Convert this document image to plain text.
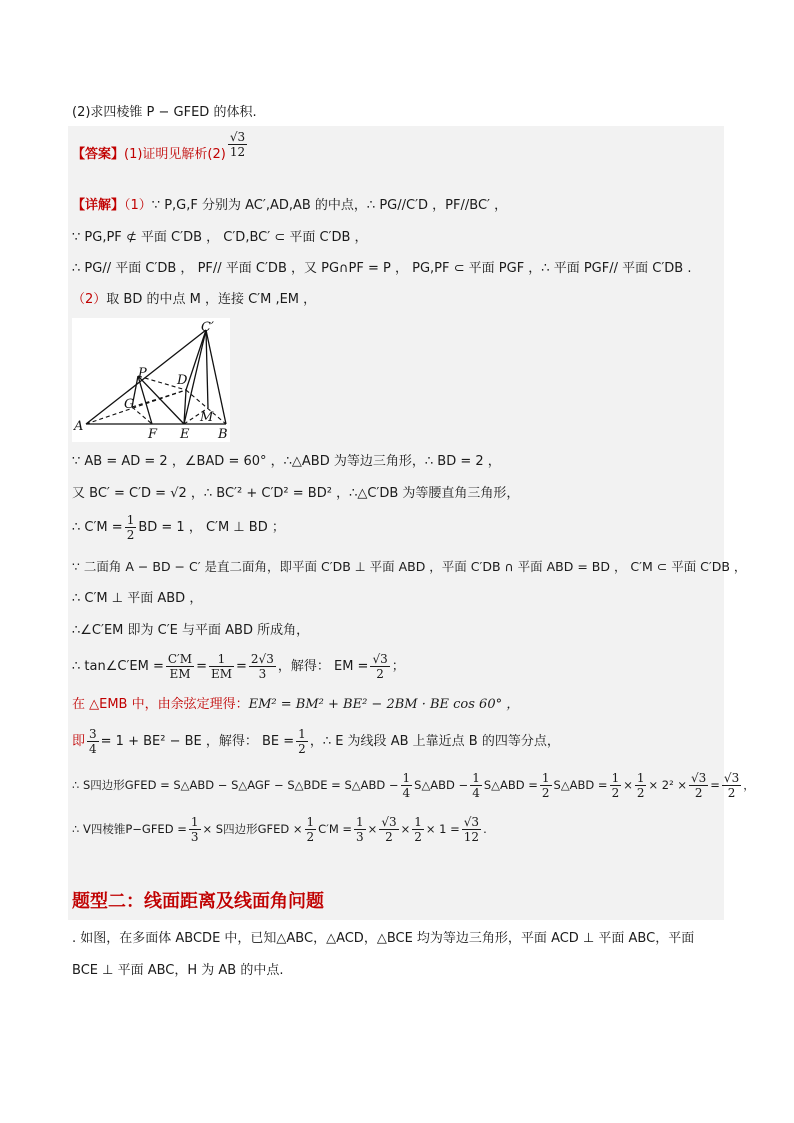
(2)求四棱锥 P − GFED 的体积.
【答案】(1)证明见解析$(2) \frac{√3}{12}$
【详解】（1）∵ P,G,F 分别为 AC′,AD,AB 的中点，∴ PG//C′D ，PF//BC′ ，
∵ PG,PF ⊄ 平面 C′DB ， C′D,BC′ ⊂ 平面 C′DB ，
∴ PG// 平面 C′DB ， PF// 平面 C′DB ，又 PG∩PF = P ， PG,PF ⊂ 平面 PGF ，∴ 平面 PGF// 平面 C′DB .
（2）取 BD 的中点 M ，连接 C′M ,EM ，
C′
P D
G
E
M
A
F	B
∵ AB = AD = 2 ，∠BAD = 60° ，∴△ABD 为等边三角形，∴ BD = 2 ，
又 BC′ = C′D = √2 ，∴ BC′² + C′D² = BD² ，∴△C′DB 为等腰直角三角形，
∴ $C'M = \frac{1}{2}$ BD = 1 ， C′M ⊥ BD ；
∵ 二面角 A − BD − C′ 是直二面角，即平面 C′DB ⊥ 平面 ABD ，平面 C′DB ∩ 平面 ABD = BD ， C′M ⊂ 平面 C′DB ，
∴ C′M ⊥ 平面 ABD ，
∴∠C′EM 即为 C′E 与平面 ABD 所成角，
∴ tan∠C′EM = $\frac{C'M}{EM} = \frac{1}{EM} = \frac{2√3}{3}$ ，解得： EM = $\frac{√3}{2}$ ；
在 △EMB 中，由余弦定理得：EM² = BM² + BE² − 2BM · BE cos 60° ，
即 $\frac{3}{4} = 1 + BE^2$ − BE ，解得： BE = $\frac{1}{2}$ ，∴ E 为线段 AB 上靠近点 B 的四等分点，
∴ S四边形GFED = S△ABD − S△AGF − S△BDE = S△ABD − $\frac{1}{4}$ S△ABD − $\frac{1}{4}$ S△ABD = $\frac{1}{2}$ S△ABD = $\frac{1}{2} \times \frac{1}{2} \times 2^2 \times \frac{√3}{2} = \frac{√3}{2}$ ，
∴ V四棱锥P−GFED = $\frac{1}{3} \times S$四边形GFED × $\frac{1}{2} C'M = \frac{1}{3} \times \frac{√3}{2} \times \frac{1}{2} \times 1 = \frac{√3}{12}$ .
题型二：线面距离及线面角问题
. 如图，在多面体 ABCDE 中，已知△ABC，△ACD，△BCE 均为等边三角形，平面 ACD ⊥ 平面 ABC，平面
BCE ⊥ 平面 ABC，H 为 AB 的中点.
